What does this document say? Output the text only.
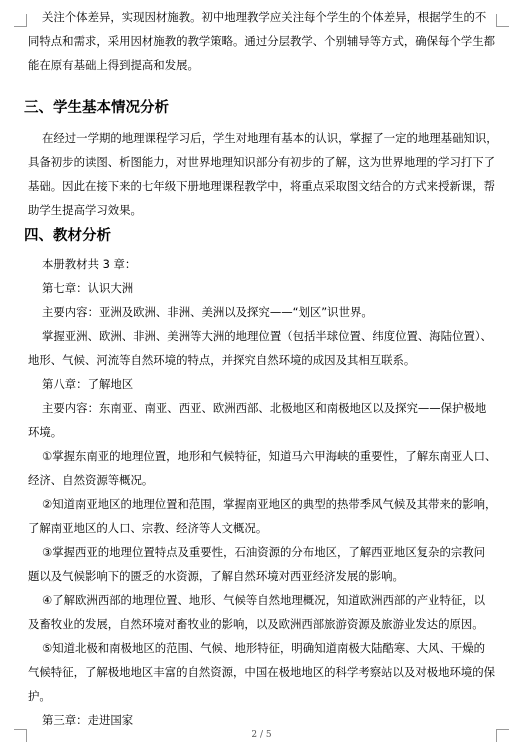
关注个体差异，实现因材施教。初中地理教学应关注每个学生的个体差异，根据学生的不
同特点和需求，采用因材施教的教学策略。通过分层教学、个别辅导等方式，确保每个学生都
能在原有基础上得到提高和发展。
三、学生基本情况分析
在经过一学期的地理课程学习后，学生对地理有基本的认识，掌握了一定的地理基础知识，
具备初步的读图、析图能力，对世界地理知识部分有初步的了解，这为世界地理的学习打下了
基础。因此在接下来的七年级下册地理课程教学中，将重点采取图文结合的方式来授新课，帮
助学生提高学习效果。
四、教材分析
本册教材共 3 章：
第七章：认识大洲
主要内容：亚洲及欧洲、非洲、美洲以及探究——“划区”识世界。
掌握亚洲、欧洲、非洲、美洲等大洲的地理位置（包括半球位置、纬度位置、海陆位置）、
地形、气候、河流等自然环境的特点，并探究自然环境的成因及其相互联系。
第八章：了解地区
主要内容：东南亚、南亚、西亚、欧洲西部、北极地区和南极地区以及探究——保护极地
环境。
①掌握东南亚的地理位置，地形和气候特征，知道马六甲海峡的重要性，了解东南亚人口、
经济、自然资源等概况。
②知道南亚地区的地理位置和范围，掌握南亚地区的典型的热带季风气候及其带来的影响，
了解南亚地区的人口、宗教、经济等人文概况。
③掌握西亚的地理位置特点及重要性，石油资源的分布地区，了解西亚地区复杂的宗教问
题以及气候影响下的匮乏的水资源，了解自然环境对西亚经济发展的影响。
④了解欧洲西部的地理位置、地形、气候等自然地理概况，知道欧洲西部的产业特征，以
及畜牧业的发展，自然环境对畜牧业的影响，以及欧洲西部旅游资源及旅游业发达的原因。
⑤知道北极和南极地区的范围、气候、地形特征，明确知道南极大陆酷寒、大风、干燥的
气候特征，了解极地地区丰富的自然资源，中国在极地地区的科学考察站以及对极地环境的保
护。
第三章：走进国家
2 / 5
